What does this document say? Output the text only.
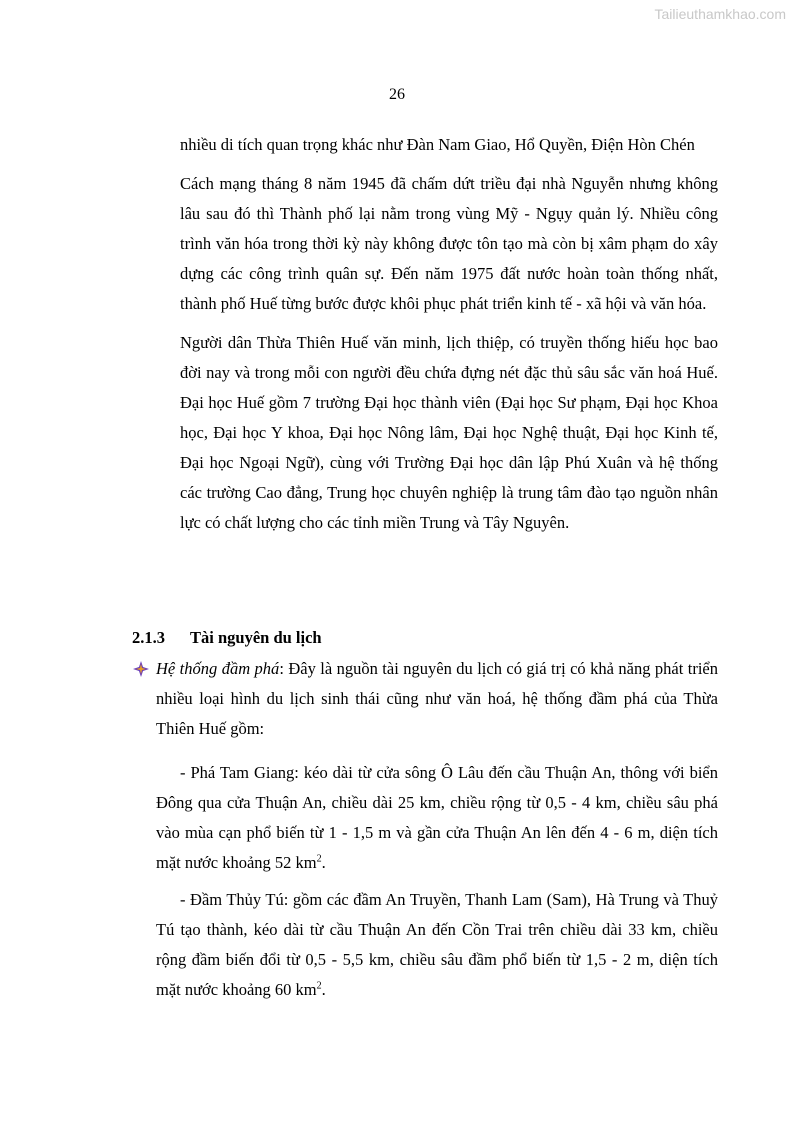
Tailieuthamkhao.com
26

nhiều di tích quan trọng khác như Đàn Nam Giao, Hổ Quyền, Điện Hòn Chén

Cách mạng tháng 8 năm 1945 đã chấm dứt triều đại nhà Nguyễn nhưng không lâu sau đó thì Thành phố lại nằm trong vùng Mỹ - Ngụy quản lý. Nhiều công trình văn hóa trong thời kỳ này không được tôn tạo mà còn bị xâm phạm do xây dựng các công trình quân sự. Đến năm 1975 đất nước hoàn toàn thống nhất, thành phố Huế từng bước được khôi phục phát triển kinh tế - xã hội và văn hóa.

Người dân Thừa Thiên Huế văn minh, lịch thiệp, có truyền thống hiếu học bao đời nay và trong mỗi con người đều chứa đựng nét đặc thủ sâu sắc văn hoá Huế. Đại học Huế gồm 7 trường Đại học thành viên (Đại học Sư phạm, Đại học Khoa học, Đại học Y khoa, Đại học Nông lâm, Đại học Nghệ thuật, Đại học Kinh tế, Đại học Ngoại Ngữ), cùng với Trường Đại học dân lập Phú Xuân và hệ thống các trường Cao đẳng, Trung học chuyên nghiệp là trung tâm đào tạo nguồn nhân lực có chất lượng cho các tỉnh miền Trung và Tây Nguyên.

2.1.3 Tài nguyên du lịch
Hệ thống đầm phá: Đây là nguồn tài nguyên du lịch có giá trị có khả năng phát triển nhiều loại hình du lịch sinh thái cũng như văn hoá, hệ thống đầm phá của Thừa Thiên Huế gồm:
- Phá Tam Giang: kéo dài từ cửa sông Ô Lâu đến cầu Thuận An, thông với biển Đông qua cửa Thuận An, chiều dài 25 km, chiều rộng từ 0,5 - 4 km, chiều sâu phá vào mùa cạn phổ biến từ 1 - 1,5 m và gần cửa Thuận An lên đến 4 - 6 m, diện tích mặt nước khoảng 52 $km^2$.
- Đầm Thủy Tú: gồm các đầm An Truyền, Thanh Lam (Sam), Hà Trung và Thuỷ Tú tạo thành, kéo dài từ cầu Thuận An đến Cồn Trai trên chiều dài 33 km, chiều rộng đầm biến đổi từ 0,5 - 5,5 km, chiều sâu đầm phổ biến từ 1,5 - 2 m, diện tích mặt nước khoảng 60 $km^2$.
